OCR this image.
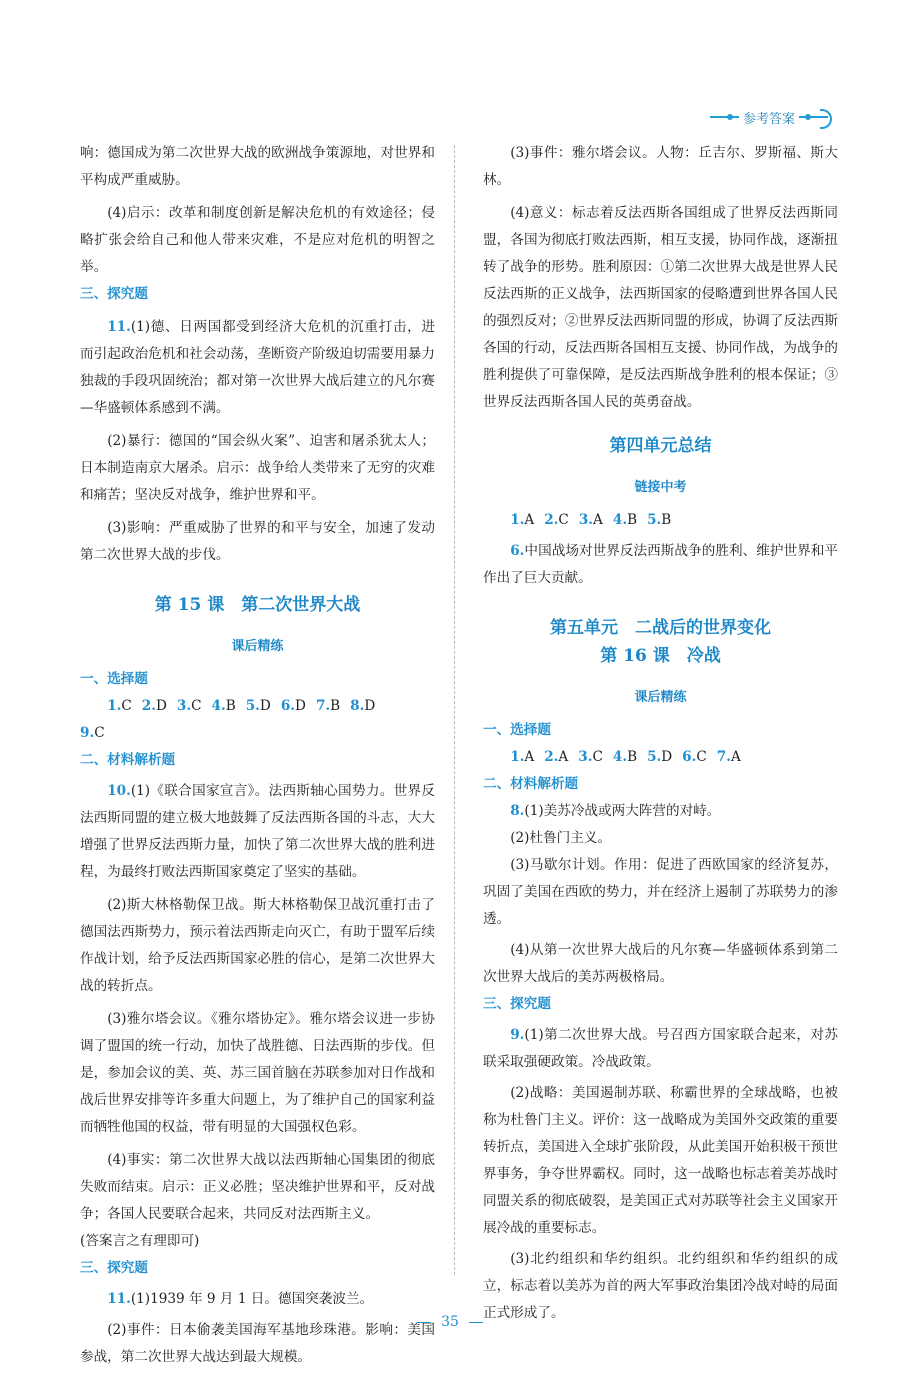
参考答案

响：德国成为第二次世界大战的欧洲战争策源地，对世界和平构成严重威胁。

(4)启示：改革和制度创新是解决危机的有效途径；侵略扩张会给自己和他人带来灾难，不是应对危机的明智之举。

三、探究题

11.(1)德、日两国都受到经济大危机的沉重打击，进而引起政治危机和社会动荡，垄断资产阶级迫切需要用暴力独裁的手段巩固统治；都对第一次世界大战后建立的凡尔赛—华盛顿体系感到不满。

(2)暴行：德国的“国会纵火案”、迫害和屠杀犹太人；日本制造南京大屠杀。启示：战争给人类带来了无穷的灾难和痛苦；坚决反对战争，维护世界和平。

(3)影响：严重威胁了世界的和平与安全，加速了发动第二次世界大战的步伐。

第 15 课　第二次世界大战
课后精练

一、选择题

1.C 2.D 3.C 4.B 5.D 6.D 7.B 8.D

9.C

二、材料解析题

10.(1)《联合国家宣言》。法西斯轴心国势力。世界反法西斯同盟的建立极大地鼓舞了反法西斯各国的斗志，大大增强了世界反法西斯力量，加快了第二次世界大战的胜利进程，为最终打败法西斯国家奠定了坚实的基础。

(2)斯大林格勒保卫战。斯大林格勒保卫战沉重打击了德国法西斯势力，预示着法西斯走向灭亡，有助于盟军后续作战计划，给予反法西斯国家必胜的信心，是第二次世界大战的转折点。

(3)雅尔塔会议。《雅尔塔协定》。雅尔塔会议进一步协调了盟国的统一行动，加快了战胜德、日法西斯的步伐。但是，参加会议的美、英、苏三国首脑在苏联参加对日作战和战后世界安排等许多重大问题上，为了维护自己的国家利益而牺牲他国的权益，带有明显的大国强权色彩。

(4)事实：第二次世界大战以法西斯轴心国集团的彻底失败而结束。启示：正义必胜；坚决维护世界和平，反对战争；各国人民要联合起来，共同反对法西斯主义。

(答案言之有理即可)

三、探究题

11.(1)1939 年 9 月 1 日。德国突袭波兰。

(2)事件：日本偷袭美国海军基地珍珠港。影响：美国参战，第二次世界大战达到最大规模。

(3)事件：雅尔塔会议。人物：丘吉尔、罗斯福、斯大林。

(4)意义：标志着反法西斯各国组成了世界反法西斯同盟，各国为彻底打败法西斯，相互支援，协同作战，逐渐扭转了战争的形势。胜利原因：①第二次世界大战是世界人民反法西斯的正义战争，法西斯国家的侵略遭到世界各国人民的强烈反对；②世界反法西斯同盟的形成，协调了反法西斯各国的行动，反法西斯各国相互支援、协同作战，为战争的胜利提供了可靠保障，是反法西斯战争胜利的根本保证；③世界反法西斯各国人民的英勇奋战。

第四单元总结
链接中考

1.A 2.C 3.A 4.B 5.B

6.中国战场对世界反法西斯战争的胜利、维护世界和平作出了巨大贡献。

第五单元　二战后的世界变化
第 16 课　冷战
课后精练

一、选择题

1.A 2.A 3.C 4.B 5.D 6.C 7.A

二、材料解析题

8.(1)美苏冷战或两大阵营的对峙。

(2)杜鲁门主义。

(3)马歇尔计划。作用：促进了西欧国家的经济复苏，巩固了美国在西欧的势力，并在经济上遏制了苏联势力的渗透。

(4)从第一次世界大战后的凡尔赛—华盛顿体系到第二次世界大战后的美苏两极格局。

三、探究题

9.(1)第二次世界大战。号召西方国家联合起来，对苏联采取强硬政策。冷战政策。

(2)战略：美国遏制苏联、称霸世界的全球战略，也被称为杜鲁门主义。评价：这一战略成为美国外交政策的重要转折点，美国进入全球扩张阶段，从此美国开始积极干预世界事务，争夺世界霸权。同时，这一战略也标志着美苏战时同盟关系的彻底破裂，是美国正式对苏联等社会主义国家开展冷战的重要标志。

(3)北约组织和华约组织。北约组织和华约组织的成立，标志着以美苏为首的两大军事政治集团冷战对峙的局面正式形成了。

35
